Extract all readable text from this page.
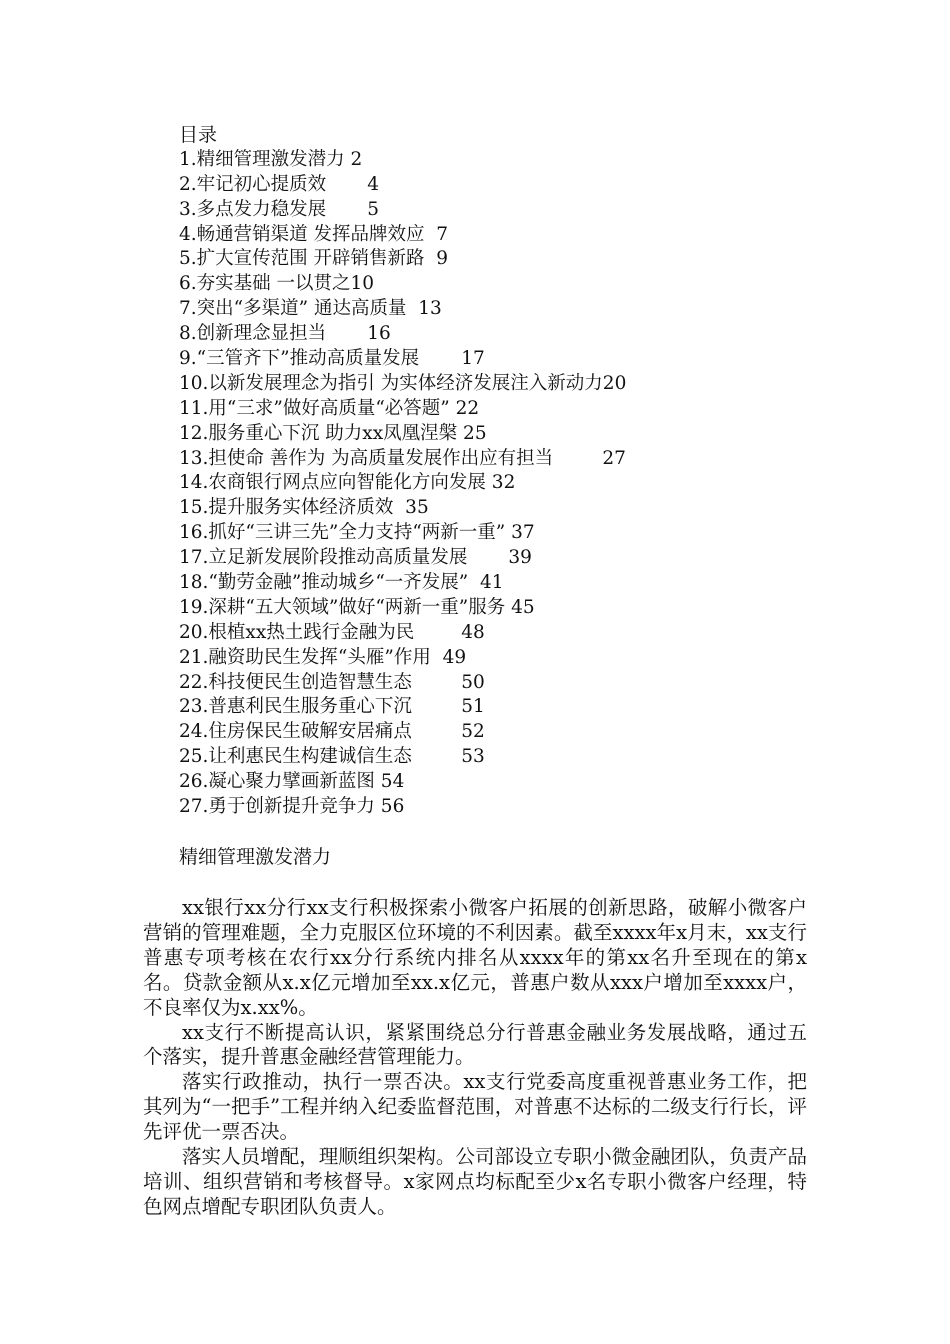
目录
1.精细管理激发潜力 2
2.牢记初心提质效	4
3.多点发力稳发展	5
4.畅通营销渠道 发挥品牌效应  7
5.扩大宣传范围 开辟销售新路  9
6.夯实基础 一以贯之10
7.突出“多渠道” 通达高质量  13
8.创新理念显担当	16
9.“三管齐下”推动高质量发展	17
10.以新发展理念为指引 为实体经济发展注入新动力20
11.用“三求”做好高质量“必答题” 22
12.服务重心下沉 助力xx凤凰涅槃 25
13.担使命 善作为 为高质量发展作出应有担当	27
14.农商银行网点应向智能化方向发展 32
15.提升服务实体经济质效  35
16.抓好“三讲三先”全力支持“两新一重” 37
17.立足新发展阶段推动高质量发展	39
18.“勤劳金融”推动城乡“一齐发展”  41
19.深耕“五大领域”做好“两新一重”服务 45
20.根植xx热土践行金融为民	48
21.融资助民生发挥“头雁”作用  49
22.科技便民生创造智慧生态	50
23.普惠利民生服务重心下沉	51
24.住房保民生破解安居痛点	52
25.让利惠民生构建诚信生态	53
26.凝心聚力擘画新蓝图 54
27.勇于创新提升竞争力 56
精细管理激发潜力

xx银行xx分行xx支行积极探索小微客户拓展的创新思路，破解小微客户营销的管理难题，全力克服区位环境的不利因素。截至xxxx年x月末，xx支行普惠专项考核在农行xx分行系统内排名从xxxx年的第xx名升至现在的第x名。贷款金额从x.x亿元增加至xx.x亿元，普惠户数从xxx户增加至xxxx户，不良率仅为x.xx%。

xx支行不断提高认识，紧紧围绕总分行普惠金融业务发展战略，通过五个落实，提升普惠金融经营管理能力。

落实行政推动，执行一票否决。xx支行党委高度重视普惠业务工作，把其列为“一把手”工程并纳入纪委监督范围，对普惠不达标的二级支行行长，评先评优一票否决。

落实人员增配，理顺组织架构。公司部设立专职小微金融团队，负责产品培训、组织营销和考核督导。x家网点均标配至少x名专职小微客户经理，特色网点增配专职团队负责人。
